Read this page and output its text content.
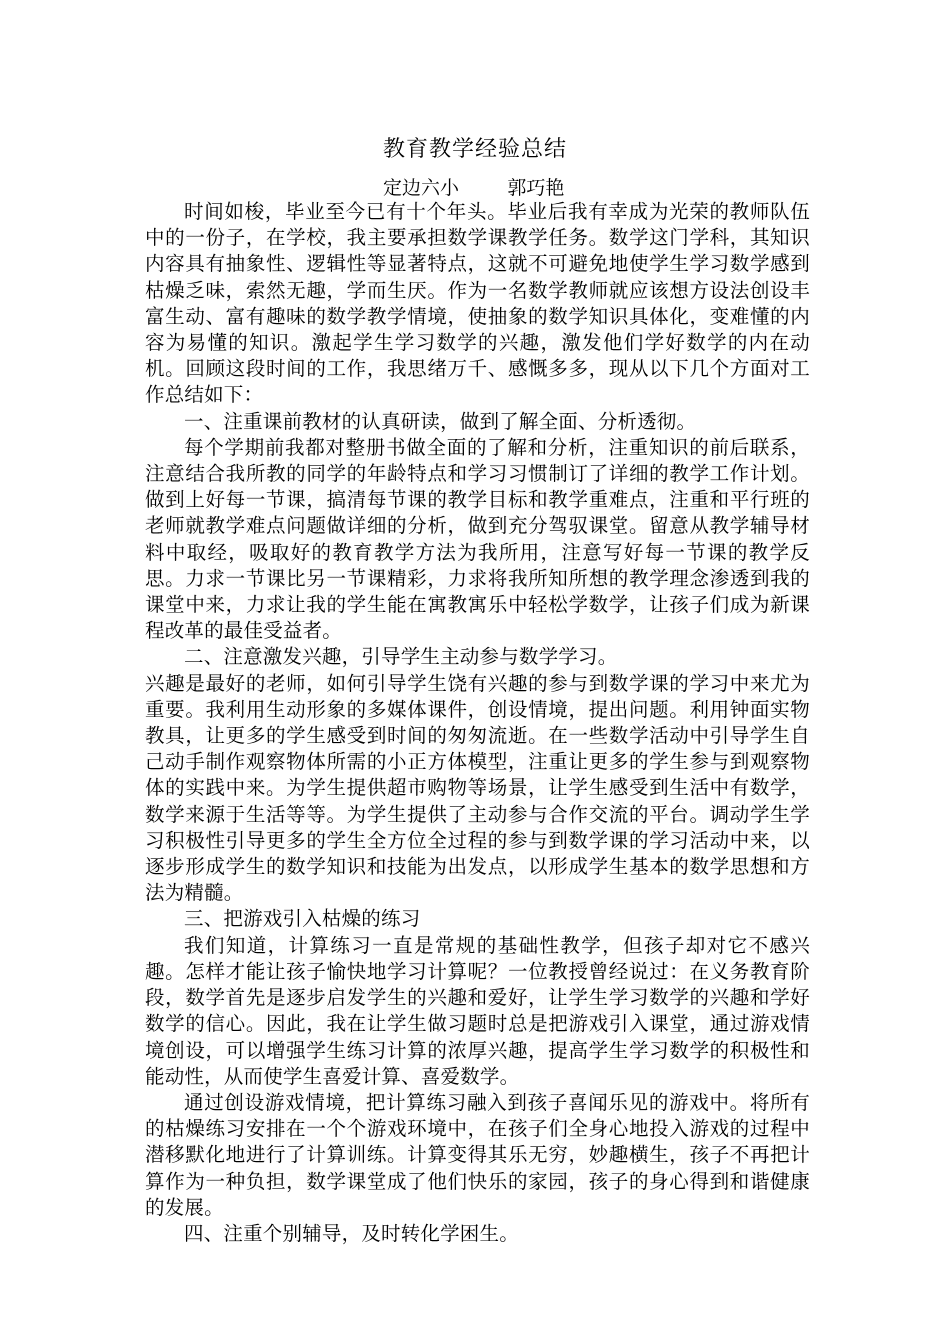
教育教学经验总结
定边六小        郭巧艳

时间如梭，毕业至今已有十个年头。毕业后我有幸成为光荣的教师队伍中的一份子，在学校，我主要承担数学课教学任务。数学这门学科，其知识内容具有抽象性、逻辑性等显著特点，这就不可避免地使学生学习数学感到枯燥乏味，索然无趣，学而生厌。作为一名数学教师就应该想方设法创设丰富生动、富有趣味的数学教学情境，使抽象的数学知识具体化，变难懂的内容为易懂的知识。激起学生学习数学的兴趣，激发他们学好数学的内在动机。回顾这段时间的工作，我思绪万千、感慨多多，现从以下几个方面对工作总结如下：

一、注重课前教材的认真研读，做到了解全面、分析透彻。

每个学期前我都对整册书做全面的了解和分析，注重知识的前后联系，注意结合我所教的同学的年龄特点和学习习惯制订了详细的教学工作计划。做到上好每一节课，搞清每节课的教学目标和教学重难点，注重和平行班的老师就教学难点问题做详细的分析，做到充分驾驭课堂。留意从教学辅导材料中取经，吸取好的教育教学方法为我所用，注意写好每一节课的教学反思。力求一节课比另一节课精彩，力求将我所知所想的教学理念渗透到我的课堂中来，力求让我的学生能在寓教寓乐中轻松学数学，让孩子们成为新课程改革的最佳受益者。

二、注意激发兴趣，引导学生主动参与数学学习。

兴趣是最好的老师，如何引导学生饶有兴趣的参与到数学课的学习中来尤为重要。我利用生动形象的多媒体课件，创设情境，提出问题。利用钟面实物教具，让更多的学生感受到时间的匆匆流逝。在一些数学活动中引导学生自己动手制作观察物体所需的小正方体模型，注重让更多的学生参与到观察物体的实践中来。为学生提供超市购物等场景，让学生感受到生活中有数学，数学来源于生活等等。为学生提供了主动参与合作交流的平台。调动学生学习积极性引导更多的学生全方位全过程的参与到数学课的学习活动中来，以逐步形成学生的数学知识和技能为出发点，以形成学生基本的数学思想和方法为精髓。

三、把游戏引入枯燥的练习

我们知道，计算练习一直是常规的基础性教学，但孩子却对它不感兴趣。怎样才能让孩子愉快地学习计算呢？一位教授曾经说过：在义务教育阶段，数学首先是逐步启发学生的兴趣和爱好，让学生学习数学的兴趣和学好数学的信心。因此，我在让学生做习题时总是把游戏引入课堂，通过游戏情境创设，可以增强学生练习计算的浓厚兴趣，提高学生学习数学的积极性和能动性，从而使学生喜爱计算、喜爱数学。

通过创设游戏情境，把计算练习融入到孩子喜闻乐见的游戏中。将所有的枯燥练习安排在一个个游戏环境中，在孩子们全身心地投入游戏的过程中潜移默化地进行了计算训练。计算变得其乐无穷，妙趣横生，孩子不再把计算作为一种负担，数学课堂成了他们快乐的家园，孩子的身心得到和谐健康的发展。

四、注重个别辅导，及时转化学困生。
